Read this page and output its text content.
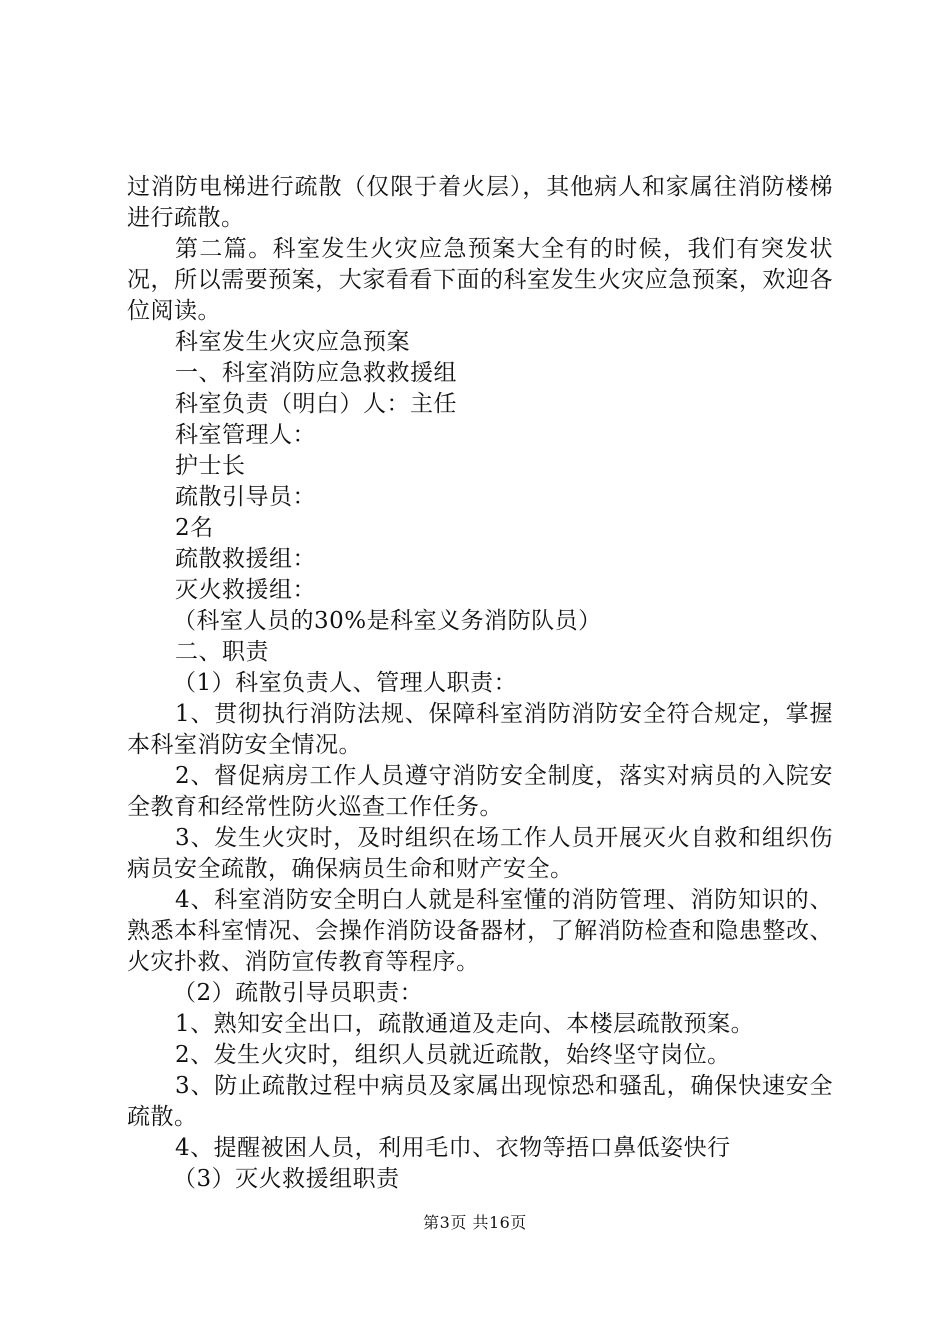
过消防电梯进行疏散（仅限于着火层），其他病人和家属往消防楼梯进行疏散。

第二篇。科室发生火灾应急预案大全有的时候，我们有突发状况，所以需要预案，大家看看下面的科室发生火灾应急预案，欢迎各位阅读。

科室发生火灾应急预案

一、科室消防应急救救援组

科室负责（明白）人：主任

科室管理人：

护士长

疏散引导员：

2名

疏散救援组：

灭火救援组：

（科室人员的30%是科室义务消防队员）

二、职责

（1）科室负责人、管理人职责：

1、贯彻执行消防法规、保障科室消防消防安全符合规定，掌握本科室消防安全情况。

2、督促病房工作人员遵守消防安全制度，落实对病员的入院安全教育和经常性防火巡查工作任务。

3、发生火灾时，及时组织在场工作人员开展灭火自救和组织伤病员安全疏散，确保病员生命和财产安全。

4、科室消防安全明白人就是科室懂的消防管理、消防知识的、熟悉本科室情况、会操作消防设备器材，了解消防检查和隐患整改、火灾扑救、消防宣传教育等程序。

（2）疏散引导员职责：

1、熟知安全出口，疏散通道及走向、本楼层疏散预案。

2、发生火灾时，组织人员就近疏散，始终坚守岗位。

3、防止疏散过程中病员及家属出现惊恐和骚乱，确保快速安全疏散。

4、提醒被困人员，利用毛巾、衣物等捂口鼻低姿快行

（3）灭火救援组职责

第3页 共16页
